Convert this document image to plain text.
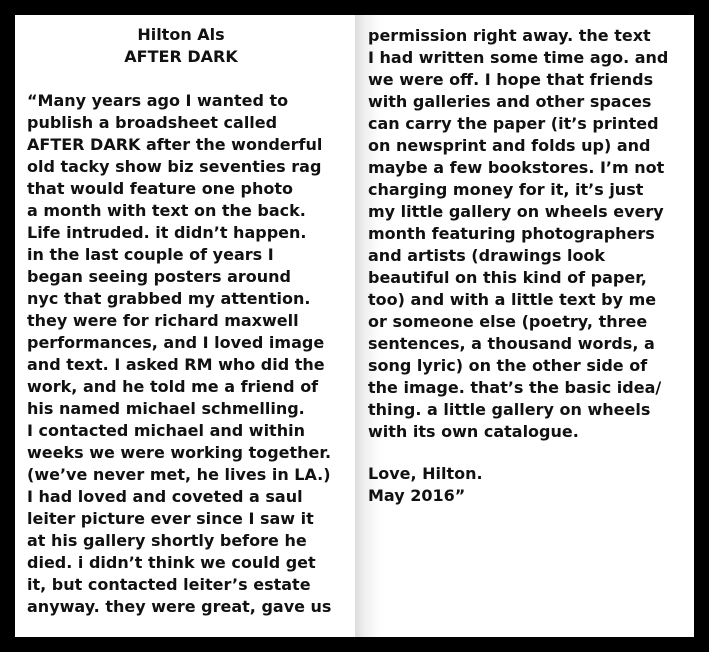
Hilton Als
AFTER DARK
“Many years ago I wanted to
publish a broadsheet called
AFTER DARK after the wonderful
old tacky show biz seventies rag
that would feature one photo
a month with text on the back.
Life intruded. it didn’t happen.
in the last couple of years I
began seeing posters around
nyc that grabbed my attention.
they were for richard maxwell
performances, and I loved image
and text. I asked RM who did the
work, and he told me a friend of
his named michael schmelling.
I contacted michael and within
weeks we were working together.
(we’ve never met, he lives in LA.)
I had loved and coveted a saul
leiter picture ever since I saw it
at his gallery shortly before he
died. i didn’t think we could get
it, but contacted leiter’s estate
anyway. they were great, gave us
permission right away. the text
I had written some time ago. and
we were off. I hope that friends
with galleries and other spaces
can carry the paper (it’s printed
on newsprint and folds up) and
maybe a few bookstores. I’m not
charging money for it, it’s just
my little gallery on wheels every
month featuring photographers
and artists (drawings look
beautiful on this kind of paper,
too) and with a little text by me
or someone else (poetry, three
sentences, a thousand words, a
song lyric) on the other side of
the image. that’s the basic idea/
thing. a little gallery on wheels
with its own catalogue.
Love, Hilton.
May 2016”
